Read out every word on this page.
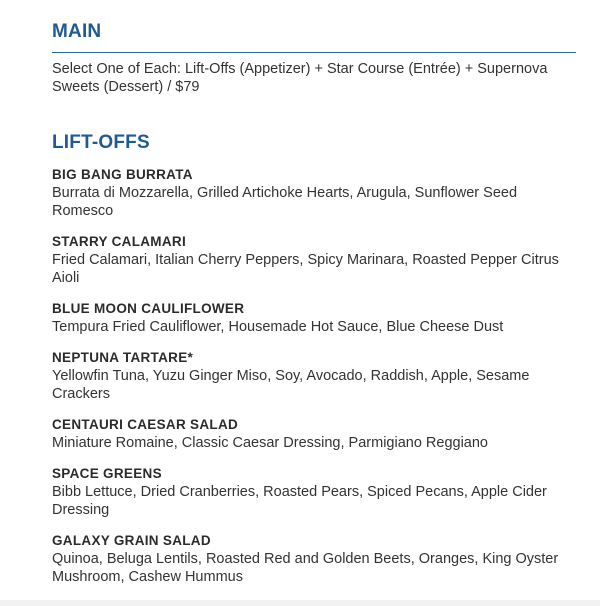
MAIN
Select One of Each: Lift-Offs (Appetizer) + Star Course (Entrée) + Supernova Sweets (Dessert) / $79
LIFT-OFFS
BIG BANG BURRATA
Burrata di Mozzarella, Grilled Artichoke Hearts, Arugula, Sunflower Seed Romesco
STARRY CALAMARI
Fried Calamari, Italian Cherry Peppers, Spicy Marinara, Roasted Pepper Citrus Aioli
BLUE MOON CAULIFLOWER
Tempura Fried Cauliflower, Housemade Hot Sauce, Blue Cheese Dust
NEPTUNA TARTARE*
Yellowfin Tuna, Yuzu Ginger Miso, Soy, Avocado, Raddish, Apple, Sesame Crackers
CENTAURI CAESAR SALAD
Miniature Romaine, Classic Caesar Dressing, Parmigiano Reggiano
SPACE GREENS
Bibb Lettuce, Dried Cranberries, Roasted Pears, Spiced Pecans, Apple Cider Dressing
GALAXY GRAIN SALAD
Quinoa, Beluga Lentils, Roasted Red and Golden Beets, Oranges, King Oyster Mushroom, Cashew Hummus
